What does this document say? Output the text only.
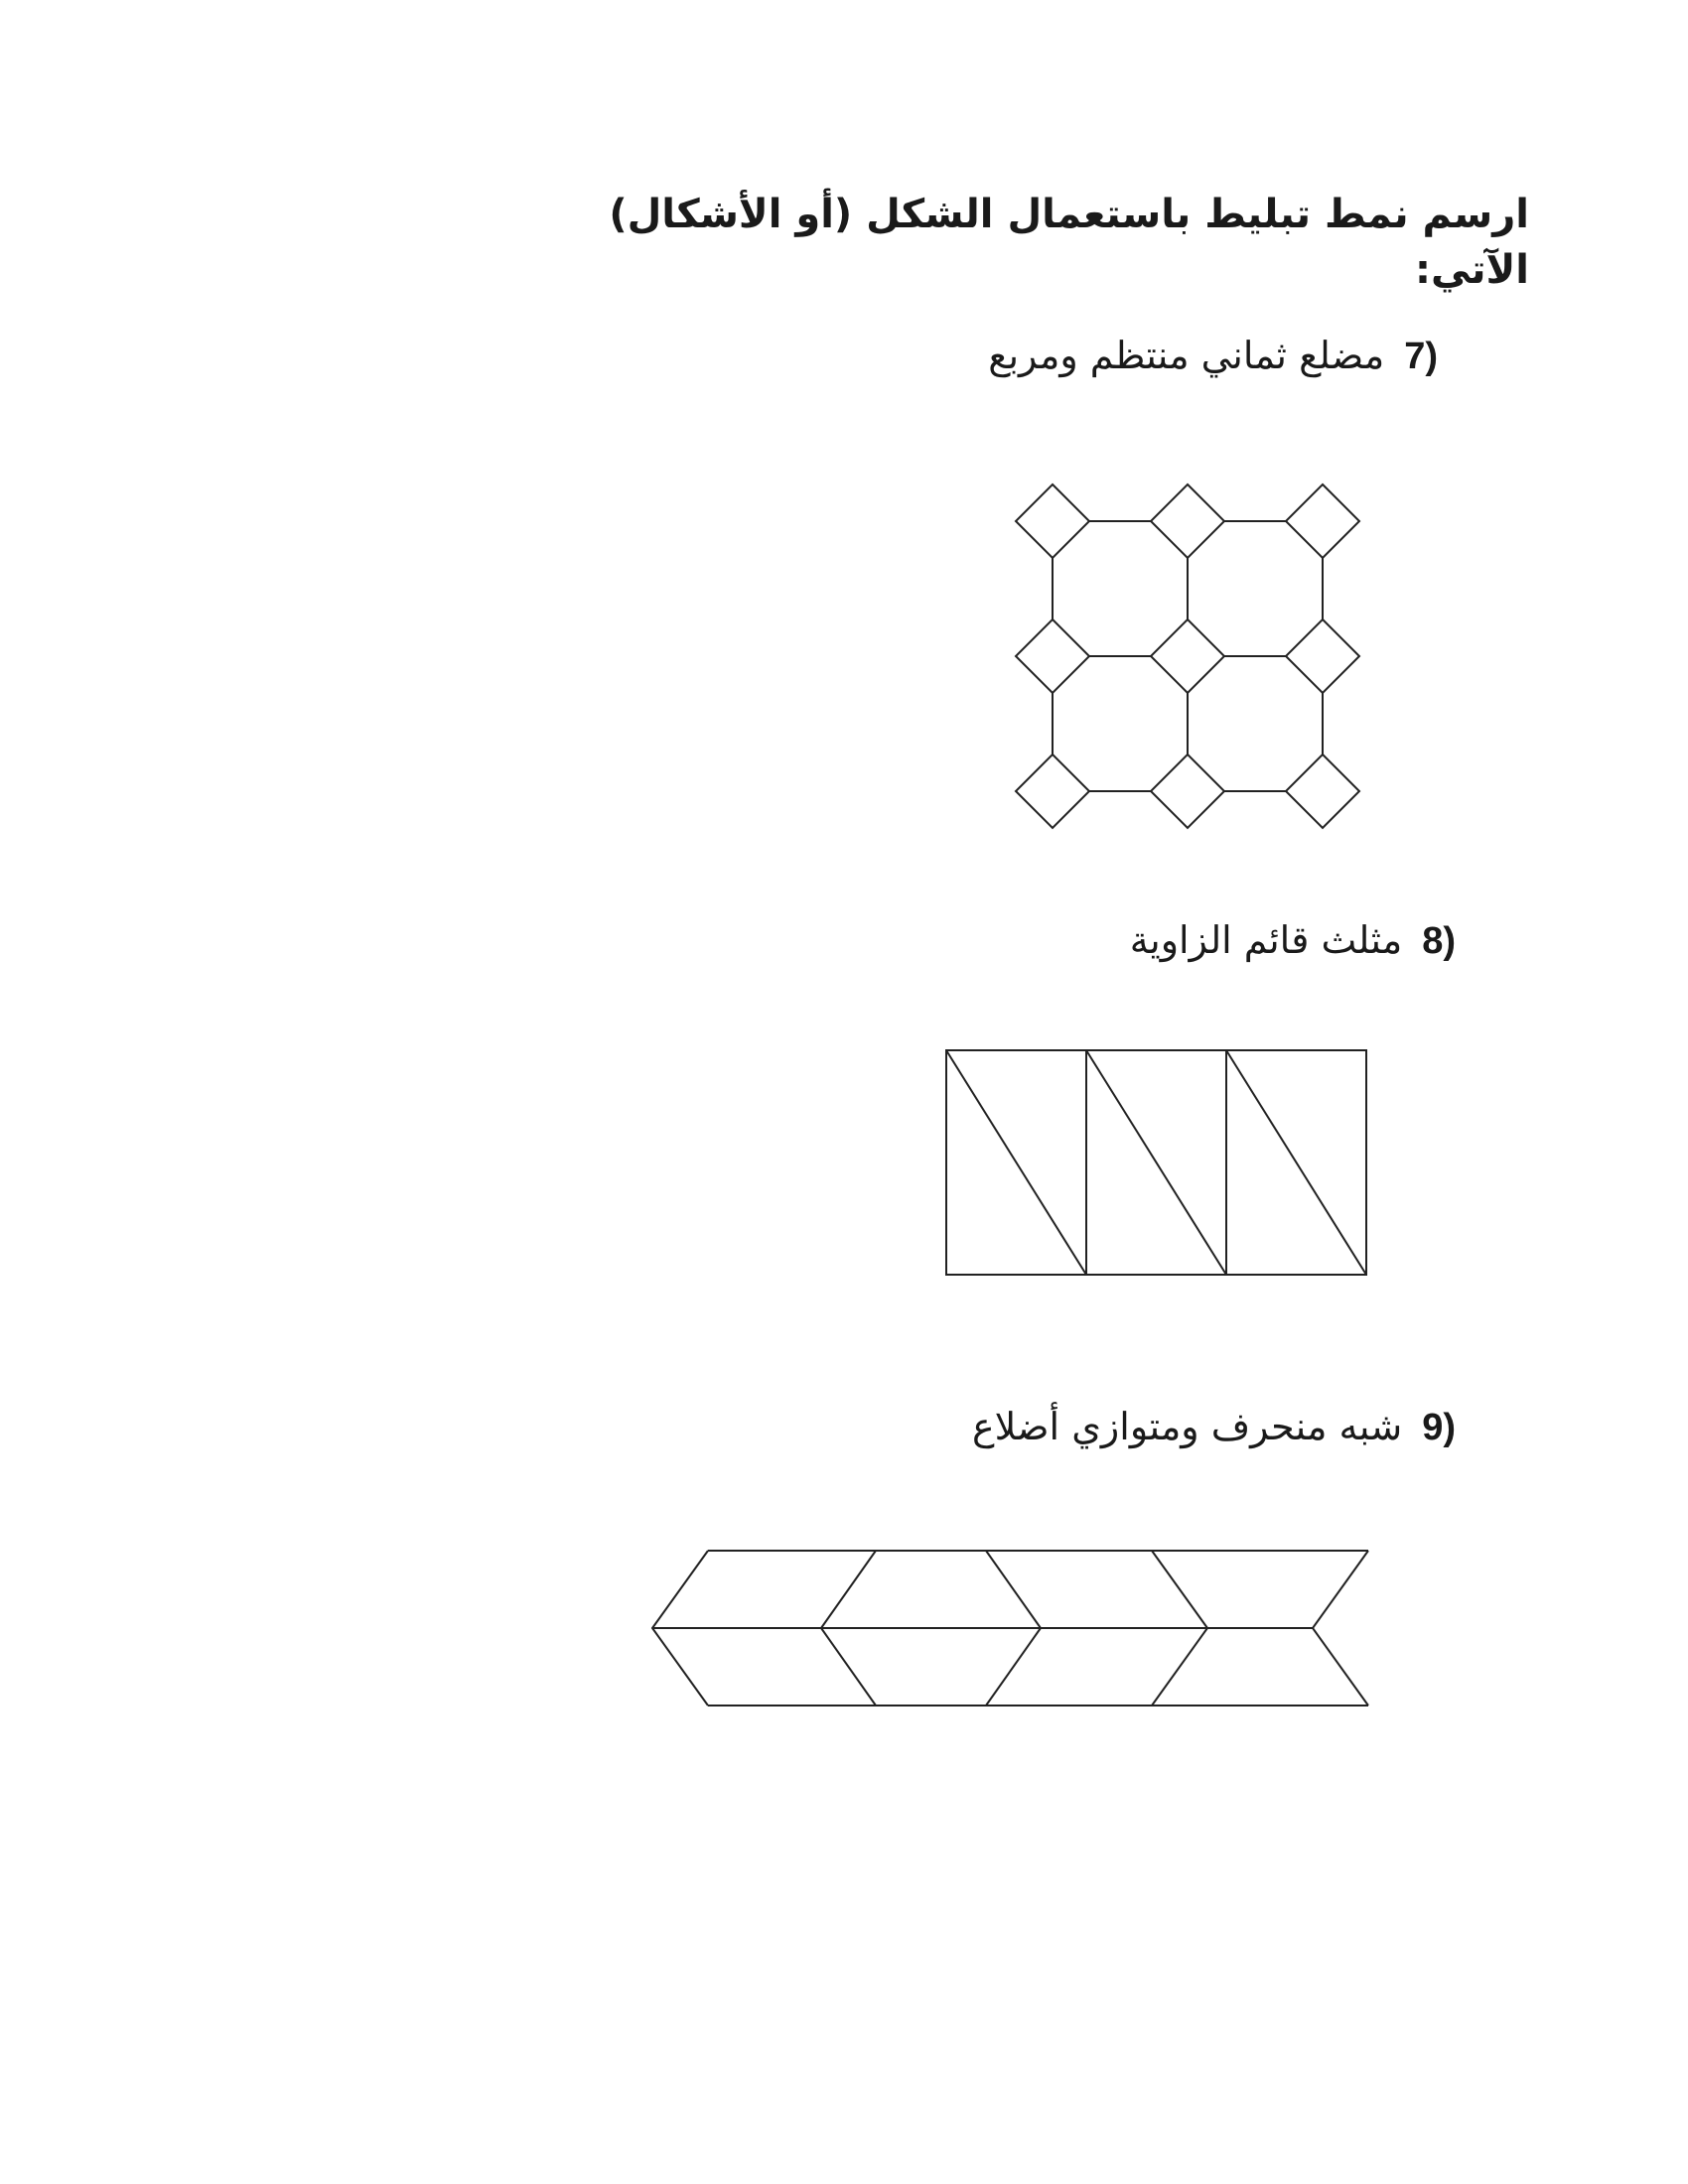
ارسم نمط تبليط باستعمال الشكل (أو الأشكال) الآتي:

7)
مضلع ثماني منتظم ومربع
8)
مثلث قائم الزاوية
9)
شبه منحرف ومتوازي أضلاع
